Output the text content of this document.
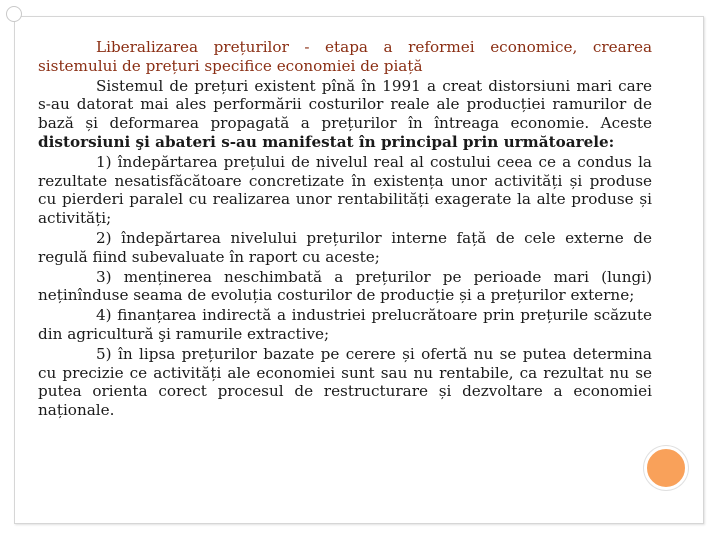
Liberalizarea prețurilor - etapa a reformei economice, crearea sistemului de prețuri specifice economiei de piață

Sistemul de prețuri existent pînă în 1991 a creat distorsiuni mari care s-au datorat mai ales performării costurilor reale ale producției ramurilor de bază și deformarea propagată a prețurilor în întreaga economie. Aceste distorsiuni şi abateri s-au manifestat în principal prin următoarele:

1) îndepărtarea prețului de nivelul real al costului ceea ce a condus la rezultate nesatisfăcătoare concretizate în existența unor activități și produse cu pierderi paralel cu realizarea unor rentabilități exagerate la alte produse și activități;

2) îndepărtarea nivelului prețurilor interne față de cele externe de regulă fiind subevaluate în raport cu aceste;

3) menținerea neschimbată a prețurilor pe perioade mari (lungi) neținînduse seama de evoluția costurilor de producție și a prețurilor externe;

4) finanțarea indirectă a industriei prelucrătoare prin prețurile scăzute din agricultură şi ramurile extractive;

5) în lipsa prețurilor bazate pe cerere și ofertă nu se putea determina cu precizie ce activități ale economiei sunt sau nu rentabile, ca rezultat nu se putea orienta corect procesul de restructurare și dezvoltare a economiei naționale.
